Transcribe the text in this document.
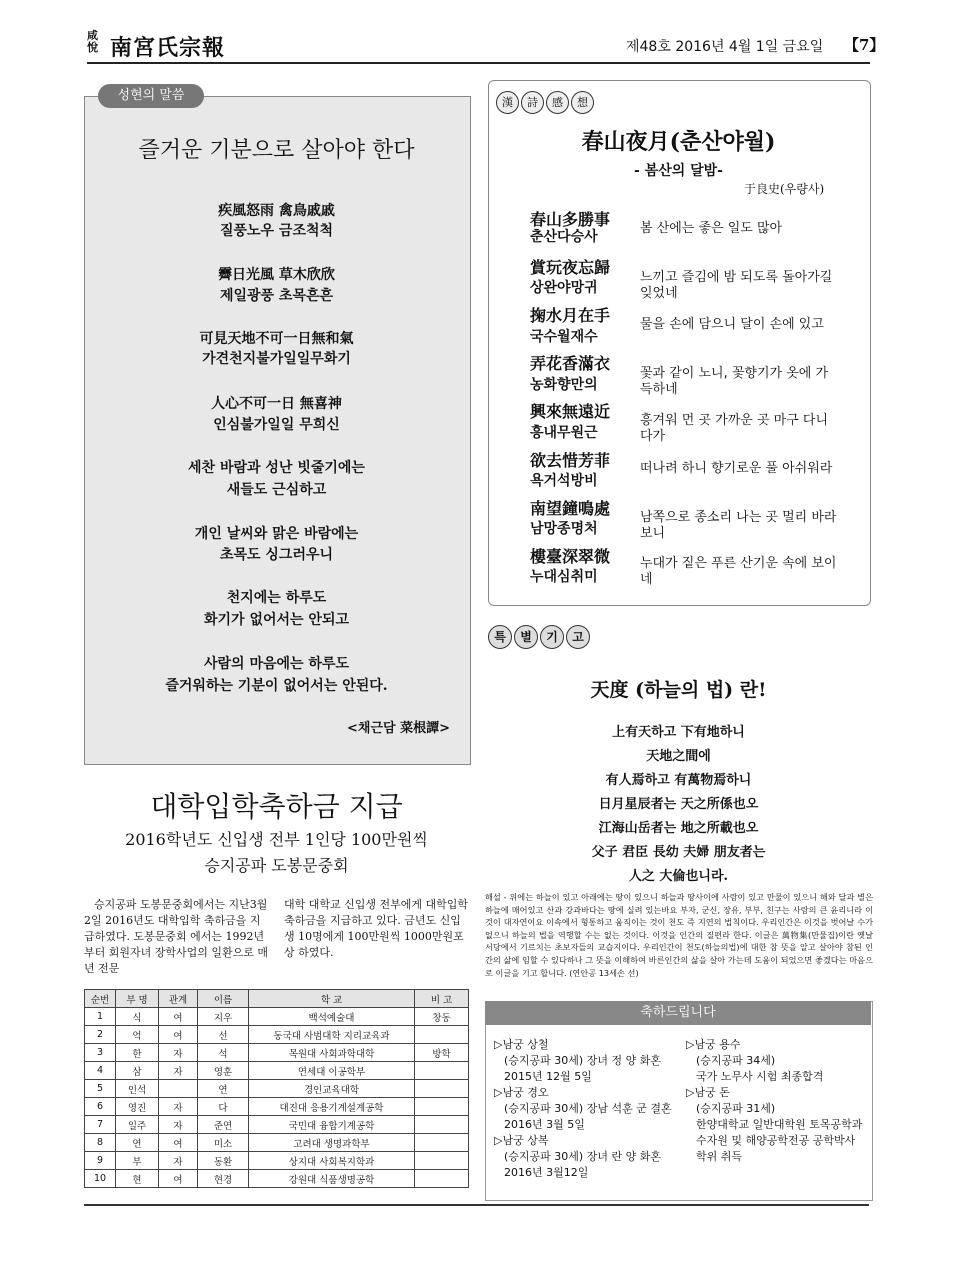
咸悅 南宮氏宗報	제48호 2016년 4월 1일 금요일 【7】
성현의 말씀
즐거운 기분으로 살아야 한다
疾風怒雨 禽鳥戚戚
질풍노우 금조척척
霽日光風 草木欣欣
제일광풍 초목흔흔
可見天地不可一日無和氣
가견천지불가일일무화기
人心不可一日 無喜神
인심불가일일 무희신
세찬 바람과 성난 빗줄기에는
새들도 근심하고
개인 날씨와 맑은 바람에는
초목도 싱그러우니
천지에는 하루도
화기가 없어서는 안되고
사람의 마음에는 하루도
즐거워하는 기분이 없어서는 안된다.
<채근담 菜根譚>
漢	詩	感	想
春山夜月(춘산야월)
- 봄산의 달밤-
于良史(우량사)
春山多勝事
춘산다승사
봄 산에는 좋은 일도 많아
賞玩夜忘歸
상완야망귀
느끼고 즐김에 밤 되도록 돌아가길 잊었네
掬水月在手
국수월재수
물을 손에 담으니 달이 손에 있고
弄花香滿衣
농화향만의
꽃과 같이 노니, 꽃향기가 옷에 가득하네
興來無遠近
흥내무원근
흥겨워 먼 곳 가까운 곳 마구 다니다가
欲去惜芳菲
욕거석방비
떠나려 하니 향기로운 풀 아쉬워라
南望鐘鳴處
남망종명처
남쪽으로 종소리 나는 곳 멀리 바라보니
樓臺深翠微
누대심취미
누대가 짙은 푸른 산기운 속에 보이네
특	별	기	고
天度 (하늘의 법) 란!
上有天하고 下有地하니
天地之間에
有人焉하고 有萬物焉하니
日月星辰者는 天之所係也오
江海山岳者는 地之所載也오
父子 君臣 長幼 夫婦 朋友者는
人之 大倫也니라.
해설 - 위에는 하늘이 있고 아래에는 땅이 있으니 하늘과 땅사이에 사람이 있고 만물이 있으니 해와 달과 별은 하늘에 매어있고 산과 강과바다는 땅에 실려 있는바요 부자, 군신, 장유, 부부, 친구는 사람의 큰 윤리니라 이것이 대자연이요 이속에서 형통하고 움직이는 것이 천도 즉 지연의 법칙이다. 우리인간은 이것을 벗어날 수가 없으니 하늘의 법을 역행할 수는 없는 것이다. 이것을 인간의 질편라 한다. 이글은 萬物集(만물집)이란 옛날 서당에서 기르치는 초보자들의 교습지이다. 우리인간이 천도(하늘의법)에 대한 참 뜻을 알고 살아야 참된 인간의 삶에 임할 수 있다하나 그 뜻을 이해하여 바른인간의 삶을 살아 가는데 도움이 되었으면 좋겠다는 마음으로 이글을 기고 합니다. (연안공 13세손 선)
대학입학축하금 지급
2016학년도 신입생 전부 1인당 100만원씩
승지공파 도봉문중회
승지공파 도봉문중회에서는 지난3월 2일 2016년도 대학입학 축하금을 지급하였다. 도봉문중회 에서는 1992년부터 회원자녀 장학사업의 일환으로 매년 전문
대학 대학교 신입생 전부에게 대학입학 축하금을 지급하고 있다. 금년도 신입생 10명에게 100만원씩 1000만원포상 하였다.
순번	부 명	관계	이름	학 교	비 고
1	식	여	지우	백석예술대	창동
2	억	여	선	동국대 사범대학 지리교육과	
3	한	자	석	목원대 사회과학대학	방학
4	삼	자	영훈	연세대 이공학부	
5	인석		연	경인교육대학	
6	영진	자	다	대진대 응용기계설계공학	
7	일주	자	준연	국민대 융합기계공학	
8	연	여	미소	고려대 생명과학부	
9	부	자	동환	상지대 사회복지학과	
10	현	여	현경	강원대 식품생명공학	
축하드립니다
▷남궁 상철
(승지공파 30세) 장녀 정 양 화혼
2015년 12월 5일
▷남궁 경오
(승지공파 30세) 장남 석훈 군 결혼
2016년 3월 5일
▷남궁 상복
(승지공파 30세) 장녀 란 양 화혼
2016년 3월12일
▷남궁 용수
(승지공파 34세)
국가 노무사 시험 최종합격
▷남궁 돈
(승지공파 31세)
한양대학교 일반대학원 토목공학과
수자원 및 해양공학전공 공학박사
학위 취득
